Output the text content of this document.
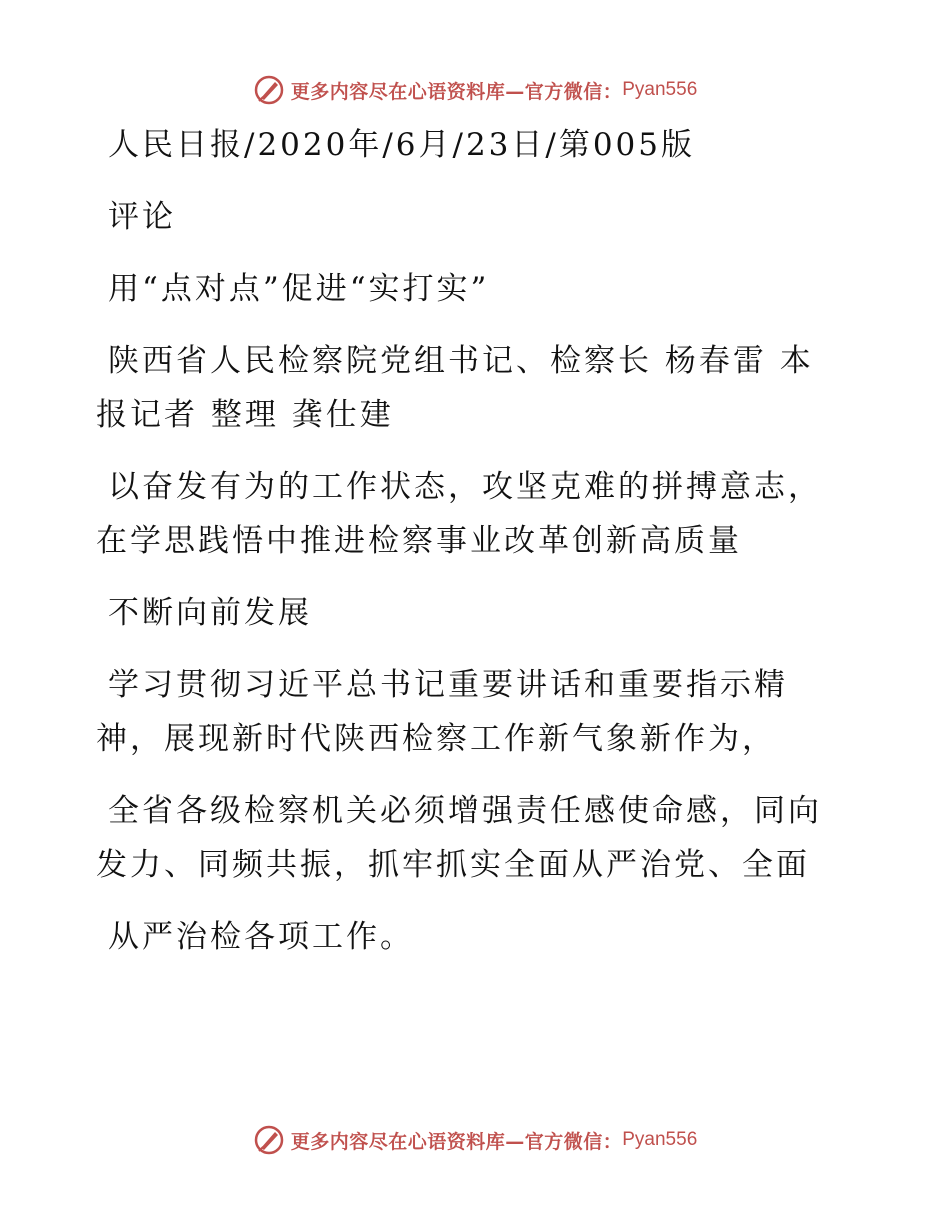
更多内容尽在心语资料库—官方微信： Pyan556

人民日报/2020年/6月/23日/第005版

评论

用“点对点”促进“实打实”

陕西省人民检察院党组书记、检察长 杨春雷 本

报记者 整理 龚仕建

以奋发有为的工作状态，攻坚克难的拼搏意志，

在学思践悟中推进检察事业改革创新高质量

不断向前发展

学习贯彻习近平总书记重要讲话和重要指示精

神，展现新时代陕西检察工作新气象新作为，

全省各级检察机关必须增强责任感使命感，同向

发力、同频共振，抓牢抓实全面从严治党、全面

从严治检各项工作。

更多内容尽在心语资料库—官方微信： Pyan556
